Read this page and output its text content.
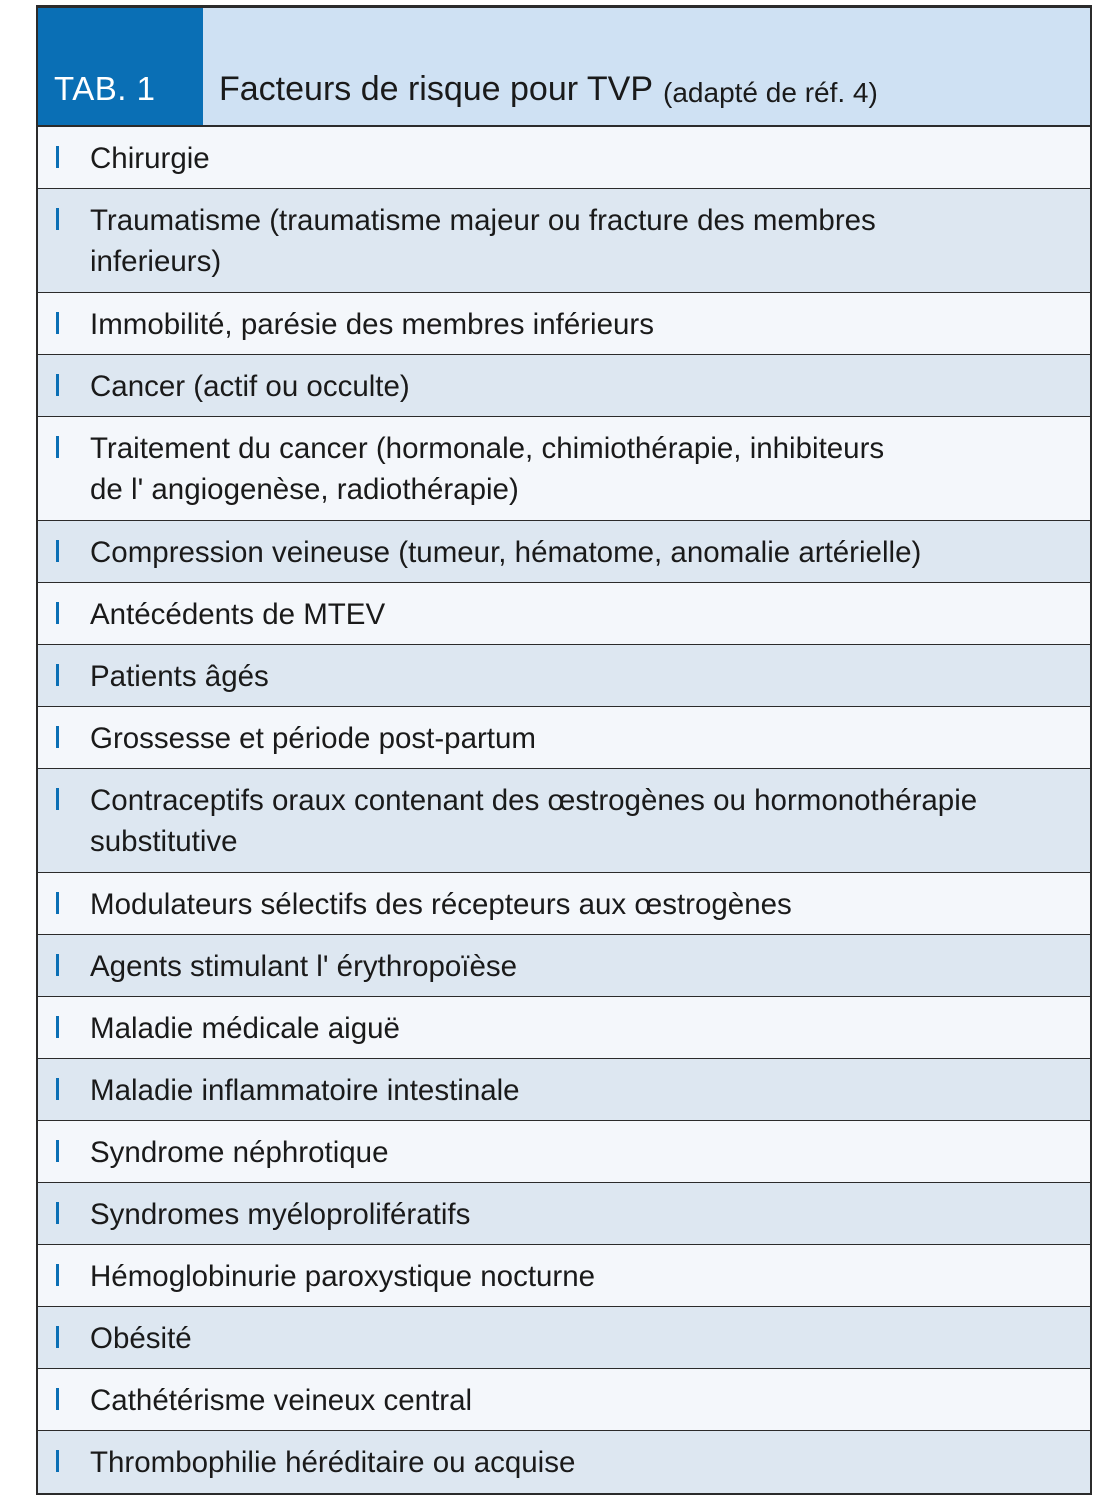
TAB. 1	Facteurs de risque pour TVP (adapté de réf. 4)
Chirurgie
Traumatisme (traumatisme majeur ou fracture des membres
inferieurs)
Immobilité, parésie des membres inférieurs
Cancer (actif ou occulte)
Traitement du cancer (hormonale, chimiothérapie, inhibiteurs
de l' angiogenèse, radiothérapie)
Compression veineuse (tumeur, hématome, anomalie artérielle)
Antécédents de MTEV
Patients âgés
Grossesse et période post-partum
Contraceptifs oraux contenant des œstrogènes ou hormonothérapie
substitutive
Modulateurs sélectifs des récepteurs aux œstrogènes
Agents stimulant l' érythropoïèse
Maladie médicale aiguë
Maladie inflammatoire intestinale
Syndrome néphrotique
Syndromes myéloprolifératifs
Hémoglobinurie paroxystique nocturne
Obésité
Cathétérisme veineux central
Thrombophilie héréditaire ou acquise
